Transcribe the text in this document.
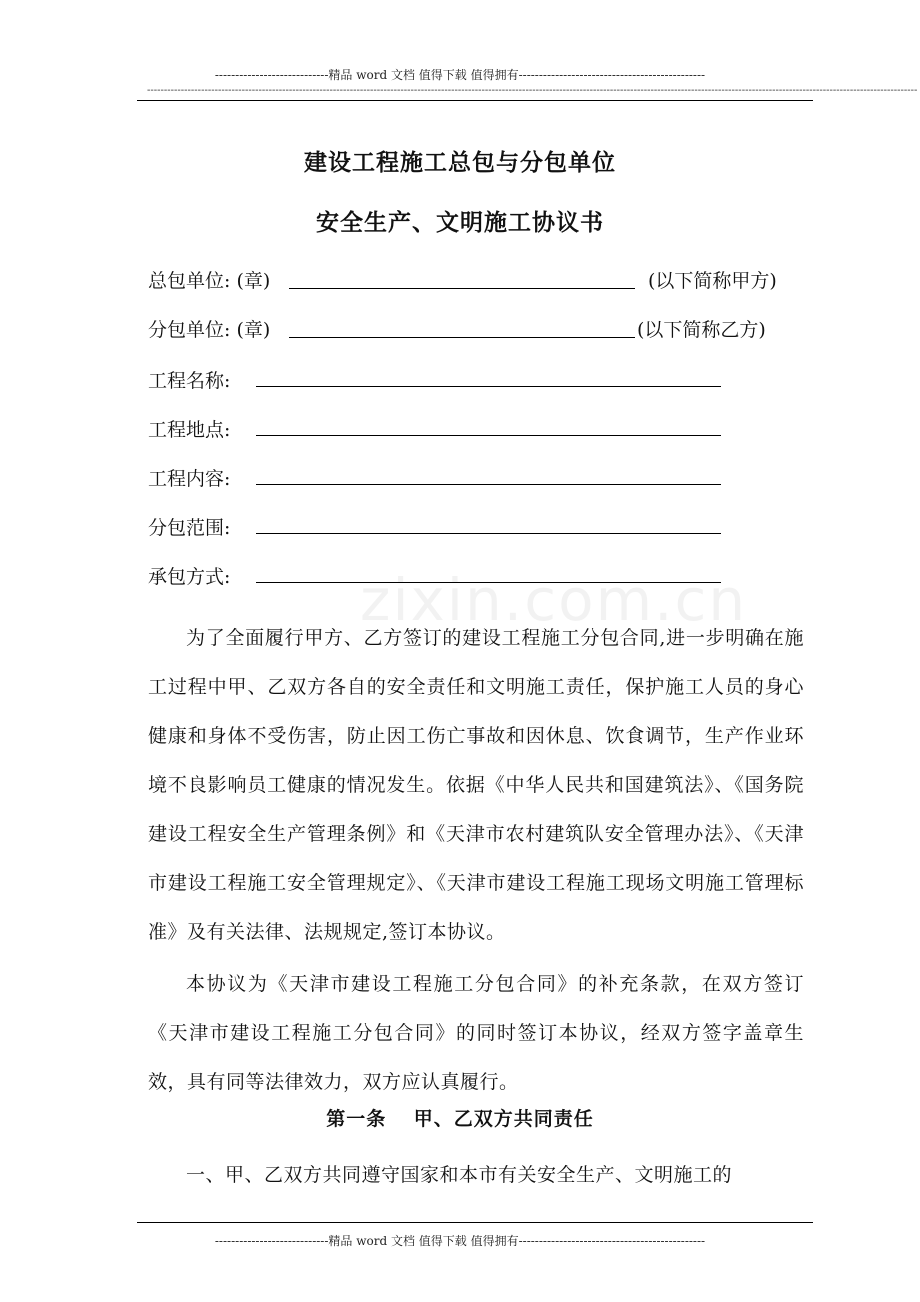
----------------------------精品 word 文档 值得下载 值得拥有----------------------------------------------
------------------------------------------------------------------------------------------------------------------------------------------------------------------------------------------------------------------------------------
建设工程施工总包与分包单位
安全生产、文明施工协议书
总包单位: (章)	(以下简称甲方)
分包单位: (章)	(以下简称乙方)
工程名称:
工程地点:
工程内容:
分包范围:
承包方式: zixin.com.cn
为了全面履行甲方、乙方签订的建设工程施工分包合同,进一步明确在施工过程中甲、乙双方各自的安全责任和文明施工责任，保护施工人员的身心健康和身体不受伤害，防止因工伤亡事故和因休息、饮食调节，生产作业环境不良影响员工健康的情况发生。依据《中华人民共和国建筑法》、《国务院建设工程安全生产管理条例》和《天津市农村建筑队安全管理办法》、《天津市建设工程施工安全管理规定》、《天津市建设工程施工现场文明施工管理标准》及有关法律、法规规定,签订本协议。
本协议为《天津市建设工程施工分包合同》的补充条款，在双方签订《天津市建设工程施工分包合同》的同时签订本协议，经双方签字盖章生效，具有同等法律效力，双方应认真履行。
第一条 甲、乙双方共同责任
一、甲、乙双方共同遵守国家和本市有关安全生产、文明施工的
----------------------------精品 word 文档 值得下载 值得拥有----------------------------------------------
